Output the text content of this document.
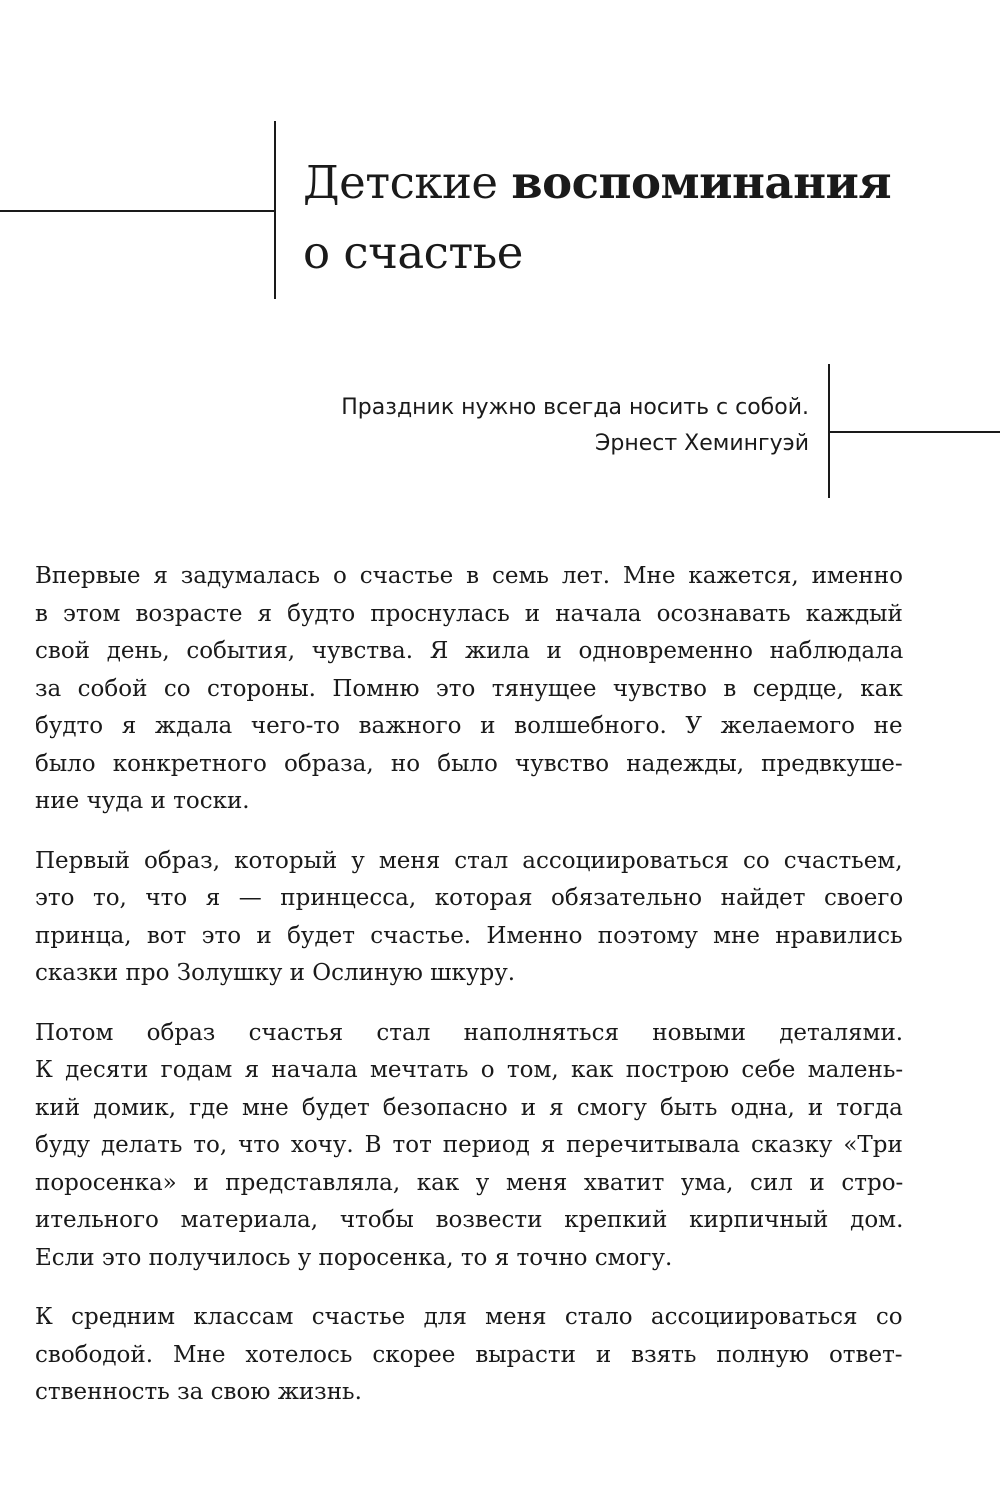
Детские воспоминания
о счастье

Праздник нужно всегда носить с собой.

Эрнест Хемингуэй

Впервые я задумалась о счастье в семь лет. Мне кажется, именно
в этом возрасте я будто проснулась и начала осознавать каждый
свой день, события, чувства. Я жила и одновременно наблюдала
за собой со стороны. Помню это тянущее чувство в сердце, как
будто я ждала чего-то важного и волшебного. У желаемого не
было конкретного образа, но было чувство надежды, предвкуше-
ние чуда и тоски.

Первый образ, который у меня стал ассоциироваться со счастьем,
это то, что я — принцесса, которая обязательно найдет своего
принца, вот это и будет счастье. Именно поэтому мне нравились
сказки про Золушку и Ослиную шкуру.

Потом образ счастья стал наполняться новыми деталями.
К десяти годам я начала мечтать о том, как построю себе малень-
кий домик, где мне будет безопасно и я смогу быть одна, и тогда
буду делать то, что хочу. В тот период я перечитывала сказку «Три
поросенка» и представляла, как у меня хватит ума, сил и стро-
ительного материала, чтобы возвести крепкий кирпичный дом.
Если это получилось у поросенка, то я точно смогу.

К средним классам счастье для меня стало ассоциироваться со
свободой. Мне хотелось скорее вырасти и взять полную ответ-
ственность за свою жизнь.
